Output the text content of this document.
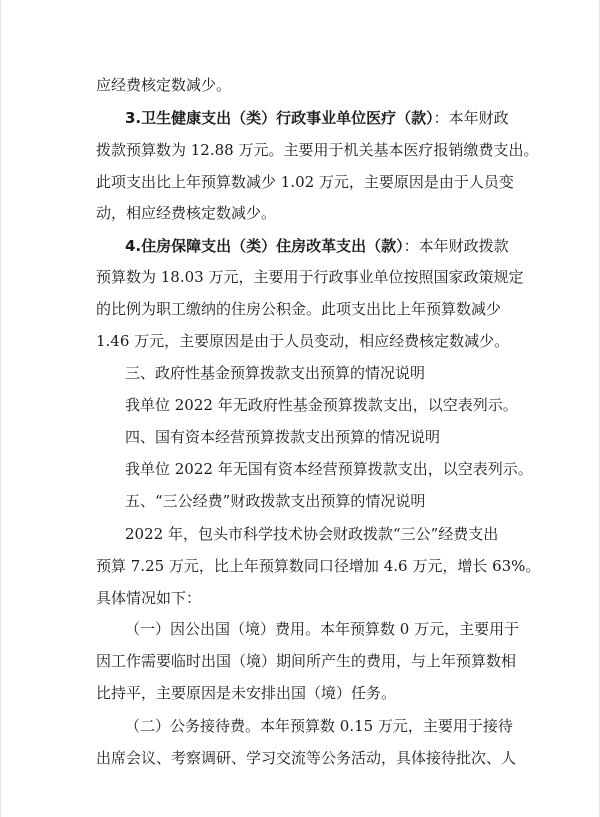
应经费核定数减少。
3.卫生健康支出（类）行政事业单位医疗（款）：本年财政
拨款预算数为 12.88 万元。主要用于机关基本医疗报销缴费支出。
此项支出比上年预算数减少 1.02 万元，主要原因是由于人员变
动，相应经费核定数减少。
4.住房保障支出（类）住房改革支出（款）：本年财政拨款
预算数为 18.03 万元，主要用于行政事业单位按照国家政策规定
的比例为职工缴纳的住房公积金。此项支出比上年预算数减少
1.46 万元，主要原因是由于人员变动，相应经费核定数减少。
三、政府性基金预算拨款支出预算的情况说明
我单位 2022 年无政府性基金预算拨款支出，以空表列示。
四、国有资本经营预算拨款支出预算的情况说明
我单位 2022 年无国有资本经营预算拨款支出，以空表列示。
五、“三公经费”财政拨款支出预算的情况说明
2022 年，包头市科学技术协会财政拨款“三公”经费支出
预算 7.25 万元，比上年预算数同口径增加 4.6 万元，增长 63%。
具体情况如下：
（一）因公出国（境）费用。本年预算数 0 万元，主要用于
因工作需要临时出国（境）期间所产生的费用，与上年预算数相
比持平，主要原因是未安排出国（境）任务。
（二）公务接待费。本年预算数 0.15 万元，主要用于接待
出席会议、考察调研、学习交流等公务活动，具体接待批次、人
